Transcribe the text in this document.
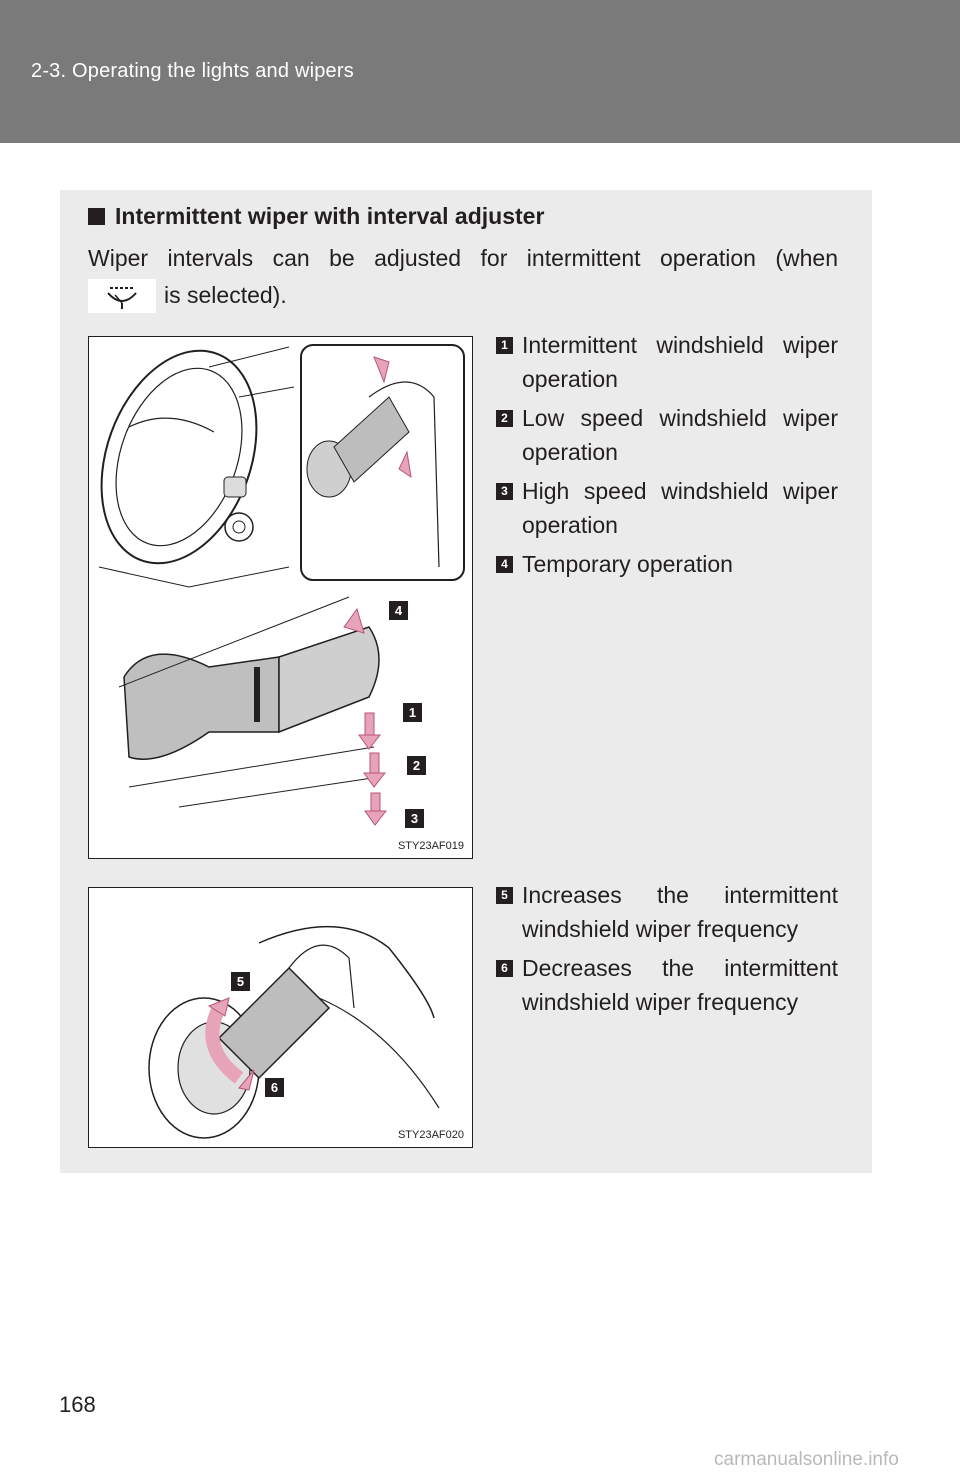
2-3. Operating the lights and wipers
Intermittent wiper with interval adjuster
Wiper intervals can be adjusted for intermittent operation (when
is selected).
4
1
2
3
STY23AF019
1 Intermittent windshield wiper operation
2 Low speed windshield wiper operation
3 High speed windshield wiper operation
4 Temporary operation
5
6
STY23AF020
5 Increases the intermittent windshield wiper frequency
6 Decreases the intermittent windshield wiper frequency
168
carmanualsonline.info
